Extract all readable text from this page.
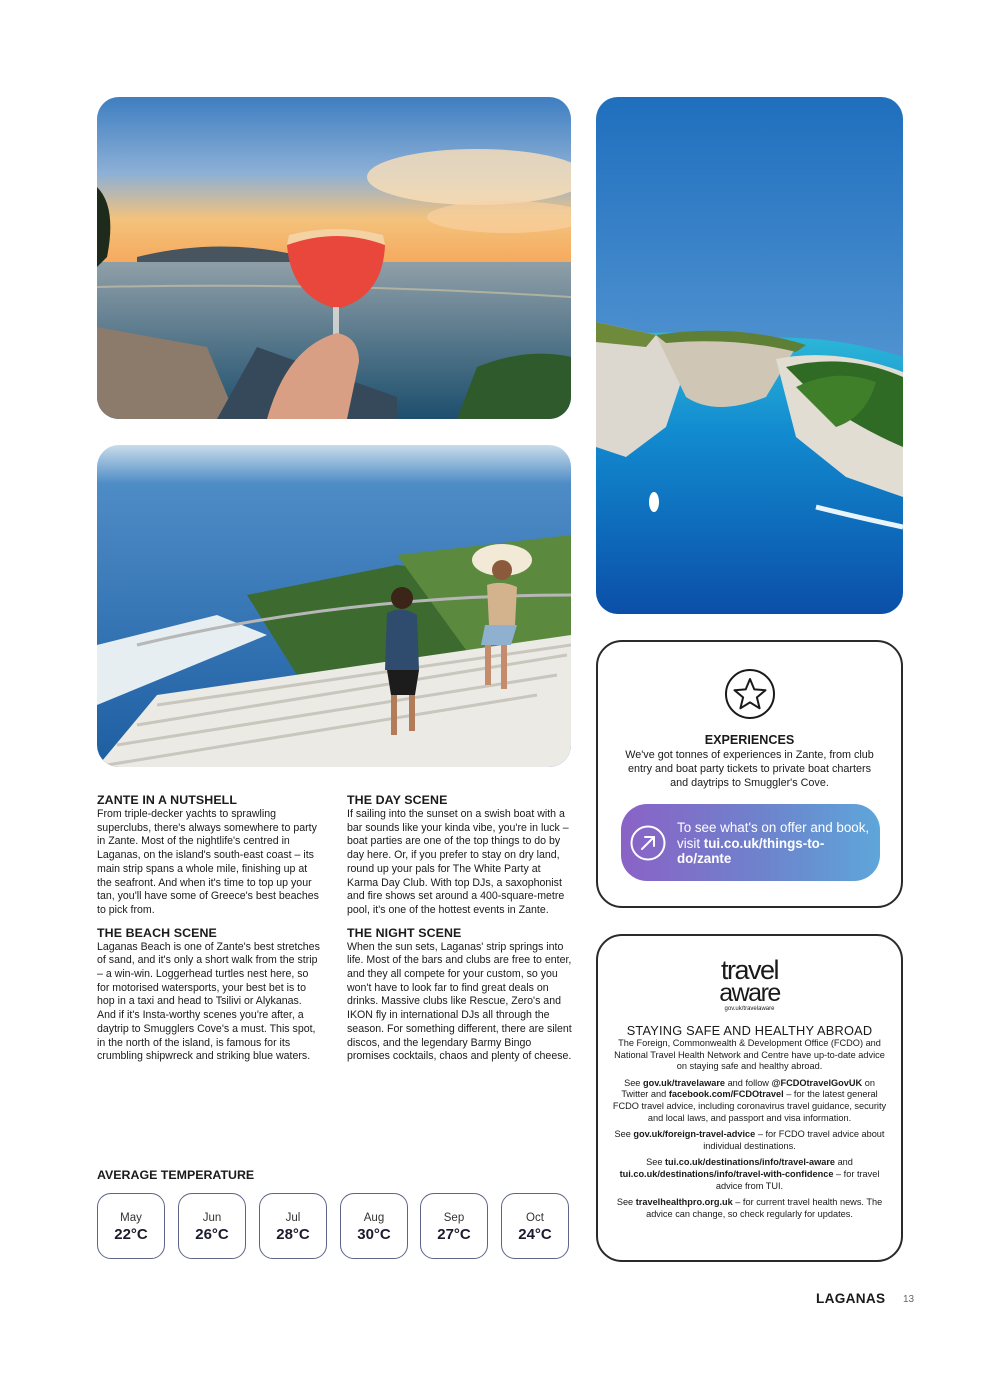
ZANTE IN A NUTSHELL

From triple-decker yachts to sprawling superclubs, there's always somewhere to party in Zante. Most of the nightlife's centred in Laganas, on the island's south-east coast – its main strip spans a whole mile, finishing up at the seafront. And when it's time to top up your tan, you'll have some of Greece's best beaches to pick from.

THE BEACH SCENE

Laganas Beach is one of Zante's best stretches of sand, and it's only a short walk from the strip – a win-win. Loggerhead turtles nest here, so for motorised watersports, your best bet is to hop in a taxi and head to Tsilivi or Alykanas. And if it's Insta-worthy scenes you're after, a daytrip to Smugglers Cove's a must. This spot, in the north of the island, is famous for its crumbling shipwreck and striking blue waters.

THE DAY SCENE

If sailing into the sunset on a swish boat with a bar sounds like your kinda vibe, you're in luck – boat parties are one of the top things to do by day here. Or, if you prefer to stay on dry land, round up your pals for The White Party at Karma Day Club. With top DJs, a saxophonist and fire shows set around a 400-square-metre pool, it's one of the hottest events in Zante.

THE NIGHT SCENE

When the sun sets, Laganas' strip springs into life. Most of the bars and clubs are free to enter, and they all compete for your custom, so you won't have to look far to find great deals on drinks. Massive clubs like Rescue, Zero's and IKON fly in international DJs all through the season. For something different, there are silent discos, and the legendary Barmy Bingo promises cocktails, chaos and plenty of cheese.

AVERAGE TEMPERATURE
May
22°C
Jun
26°C
Jul
28°C
Aug
30°C
Sep
27°C
Oct
24°C
EXPERIENCES
We've got tonnes of experiences in Zante, from club entry and boat party tickets to private boat charters and daytrips to Smuggler's Cove.
To see what's on offer and book, visit tui.co.uk/things-to-do/zante
travel
aware
gov.uk/travelaware
STAYING SAFE AND HEALTHY ABROAD

The Foreign, Commonwealth & Development Office (FCDO) and National Travel Health Network and Centre have up-to-date advice on staying safe and healthy abroad.

See gov.uk/travelaware and follow @FCDOtravelGovUK on Twitter and facebook.com/FCDOtravel – for the latest general FCDO travel advice, including coronavirus travel guidance, security and local laws, and passport and visa information.

See gov.uk/foreign-travel-advice – for FCDO travel advice about individual destinations.

See tui.co.uk/destinations/info/travel-aware and tui.co.uk/destinations/info/travel-with-confidence – for travel advice from TUI.

See travelhealthpro.org.uk – for current travel health news. The advice can change, so check regularly for updates.

LAGANAS 13
